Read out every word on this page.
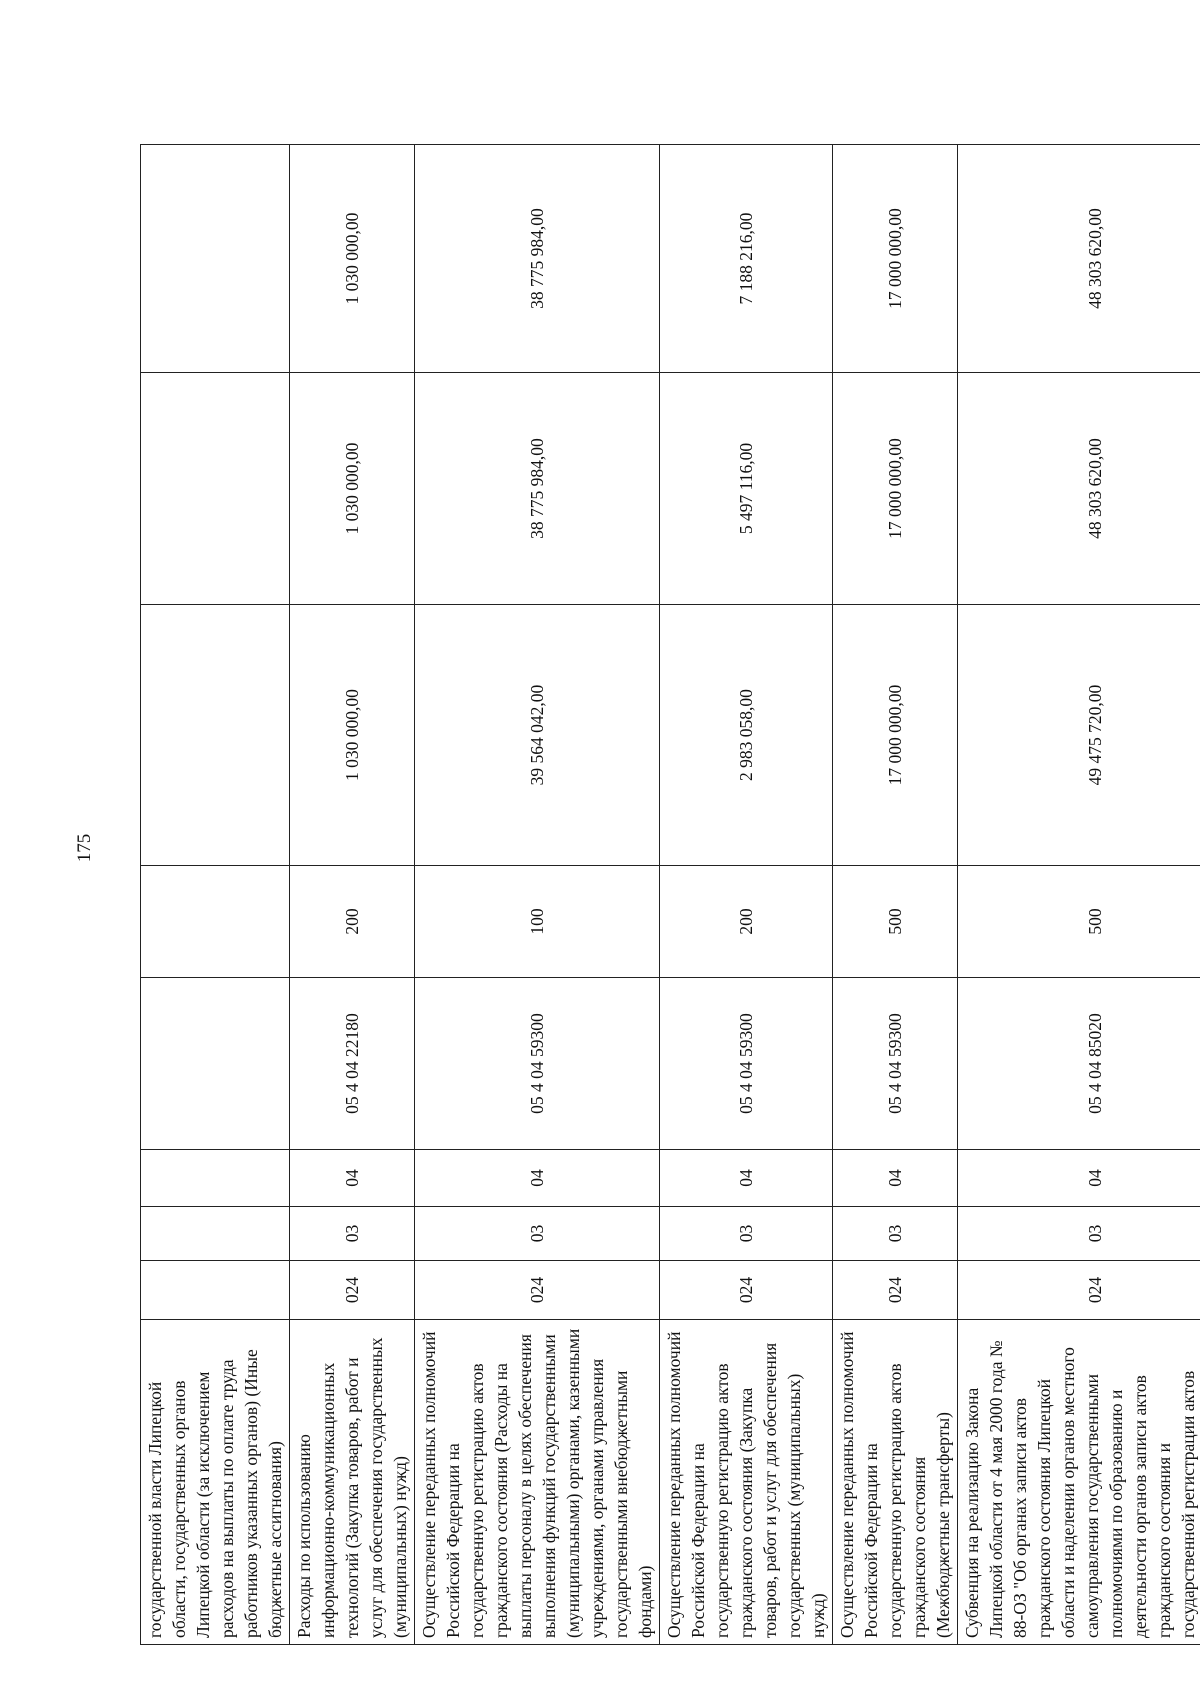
175
государственной власти Липецкой области, государственных органов Липецкой области (за исключением расходов на выплаты по оплате труда работников указанных органов) (Иные бюджетные ассигнования)								
Расходы по использованию информационно-коммуникационных технологий (Закупка товаров, работ и услуг для обеспечения государственных (муниципальных) нужд)	024	03	04	05 4 04 22180	200	1 030 000,00	1 030 000,00	1 030 000,00
Осуществление переданных полномочий Российской Федерации на государственную регистрацию актов гражданского состояния (Расходы на выплаты персоналу в целях обеспечения выполнения функций государственными (муниципальными) органами, казенными учреждениями, органами управления государственными внебюджетными фондами)	024	03	04	05 4 04 59300	100	39 564 042,00	38 775 984,00	38 775 984,00
Осуществление переданных полномочий Российской Федерации на государственную регистрацию актов гражданского состояния (Закупка товаров, работ и услуг для обеспечения государственных (муниципальных) нужд)	024	03	04	05 4 04 59300	200	2 983 058,00	5 497 116,00	7 188 216,00
Осуществление переданных полномочий Российской Федерации на государственную регистрацию актов гражданского состояния (Межбюджетные трансферты)	024	03	04	05 4 04 59300	500	17 000 000,00	17 000 000,00	17 000 000,00
Субвенция на реализацию Закона Липецкой области от 4 мая 2000 года № 88-ОЗ "Об органах записи актов гражданского состояния Липецкой области и наделении органов местного самоуправления государственными полномочиями по образованию и деятельности органов записи актов гражданского состояния и государственной регистрации актов	024	03	04	05 4 04 85020	500	49 475 720,00	48 303 620,00	48 303 620,00
